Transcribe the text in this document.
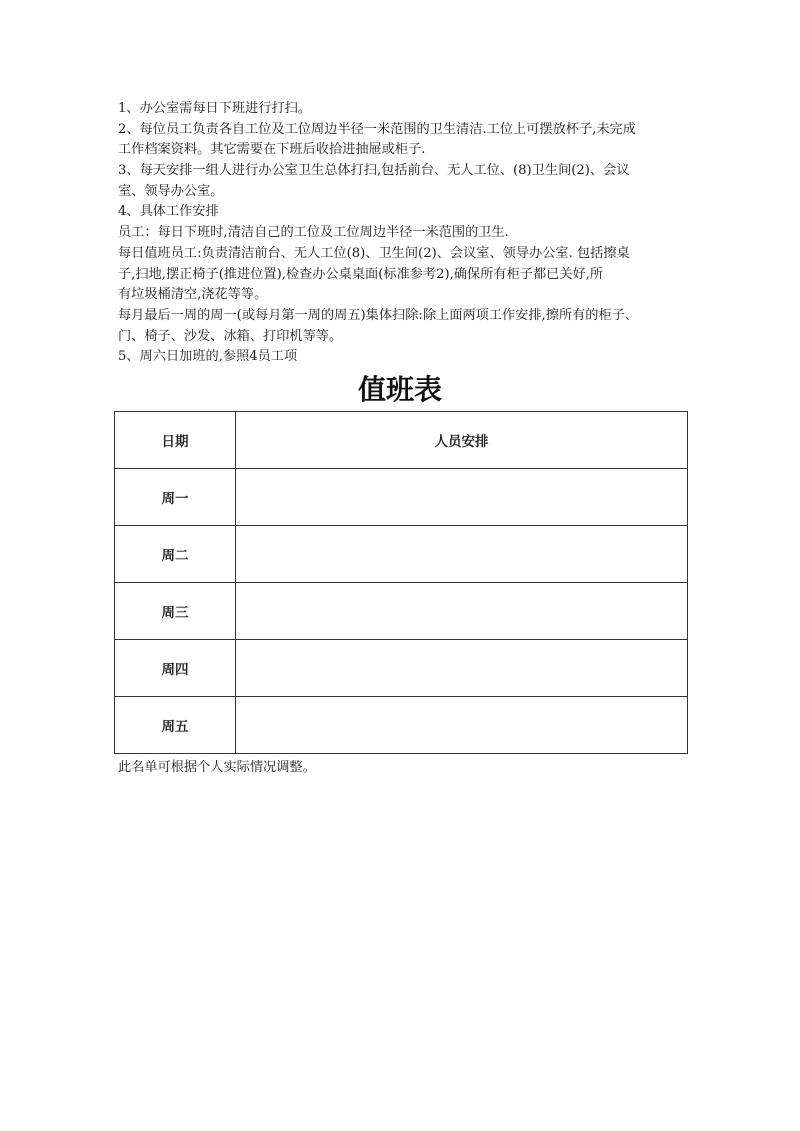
1、办公室需每日下班进行打扫。
2、每位员工负责各自工位及工位周边半径一米范围的卫生清洁.工位上可摆放杯子,未完成
工作档案资料。其它需要在下班后收拾进抽屉或柜子.
3、每天安排一组人进行办公室卫生总体打扫,包括前台、无人工位、(8)卫生间(2)、会议
室、领导办公室。
4、具体工作安排
员工：每日下班时,清洁自己的工位及工位周边半径一米范围的卫生.
每日值班员工:负责清洁前台、无人工位(8)、卫生间(2)、会议室、领导办公室. 包括擦桌
子,扫地,摆正椅子(推进位置),检查办公桌桌面(标准参考2),确保所有柜子都已关好,所
有垃圾桶清空,浇花等等。
每月最后一周的周一(或每月第一周的周五)集体扫除:除上面两项工作安排,擦所有的柜子、
门、椅子、沙发、冰箱、打印机等等。
5、周六日加班的,参照4员工项
值班表
日期	人员安排
周一	
周二	
周三	
周四	
周五	
此名单可根据个人实际情况调整。
